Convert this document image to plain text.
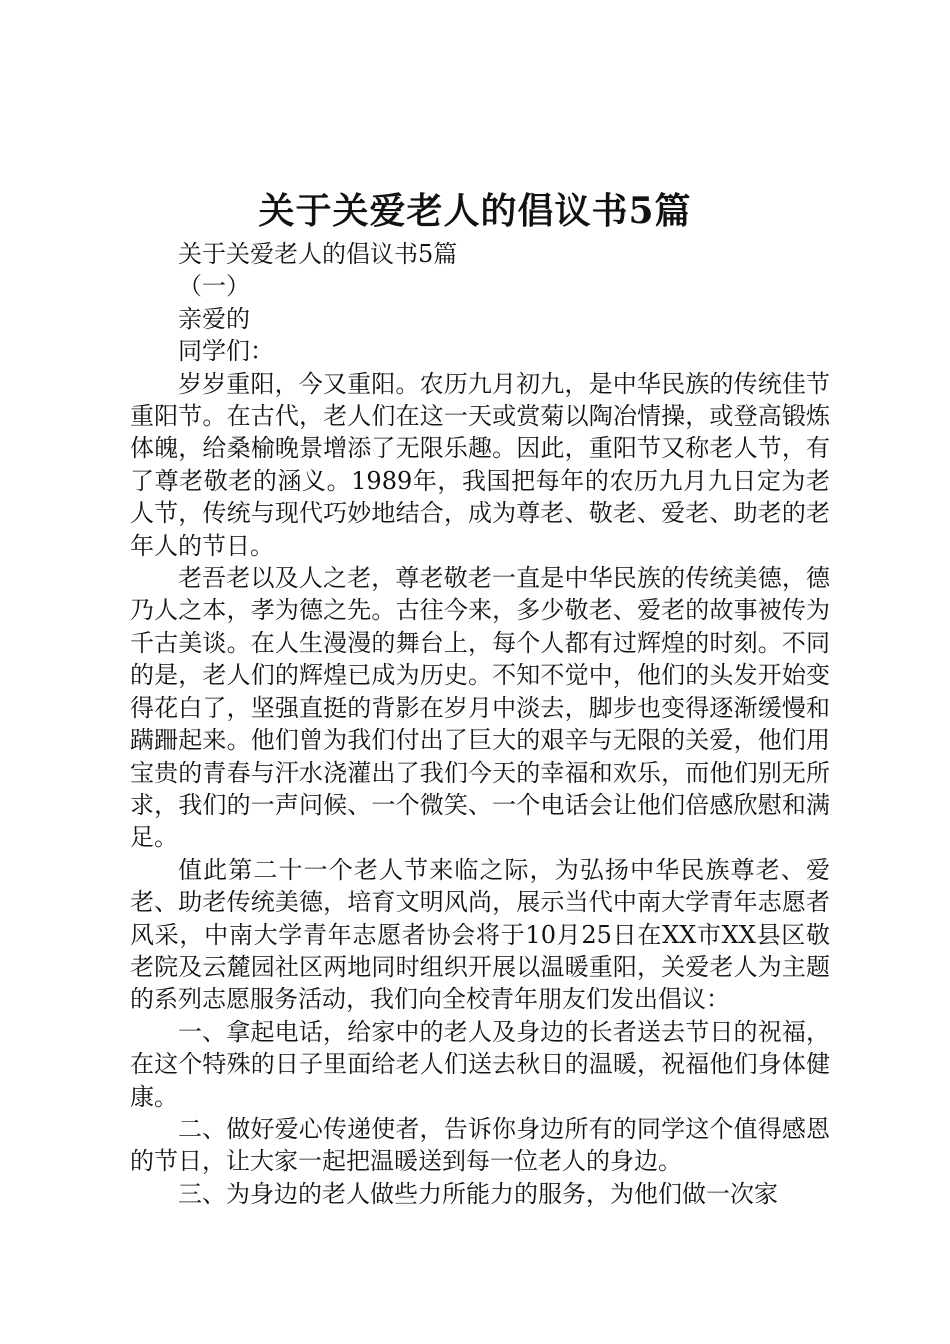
关于关爱老人的倡议书5篇

关于关爱老人的倡议书5篇

（一）

亲爱的

同学们：

岁岁重阳，今又重阳。农历九月初九，是中华民族的传统佳节重阳节。在古代，老人们在这一天或赏菊以陶冶情操，或登高锻炼体魄，给桑榆晚景增添了无限乐趣。因此，重阳节又称老人节，有了尊老敬老的涵义。1989年，我国把每年的农历九月九日定为老人节，传统与现代巧妙地结合，成为尊老、敬老、爱老、助老的老年人的节日。

老吾老以及人之老，尊老敬老一直是中华民族的传统美德，德乃人之本，孝为德之先。古往今来，多少敬老、爱老的故事被传为千古美谈。在人生漫漫的舞台上，每个人都有过辉煌的时刻。不同的是，老人们的辉煌已成为历史。不知不觉中，他们的头发开始变得花白了，坚强直挺的背影在岁月中淡去，脚步也变得逐渐缓慢和蹒跚起来。他们曾为我们付出了巨大的艰辛与无限的关爱，他们用宝贵的青春与汗水浇灌出了我们今天的幸福和欢乐，而他们别无所求，我们的一声问候、一个微笑、一个电话会让他们倍感欣慰和满足。

值此第二十一个老人节来临之际，为弘扬中华民族尊老、爱老、助老传统美德，培育文明风尚，展示当代中南大学青年志愿者风采，中南大学青年志愿者协会将于10月25日在XX市XX县区敬老院及云麓园社区两地同时组织开展以温暖重阳，关爱老人为主题的系列志愿服务活动，我们向全校青年朋友们发出倡议：

一、拿起电话，给家中的老人及身边的长者送去节日的祝福，在这个特殊的日子里面给老人们送去秋日的温暖，祝福他们身体健康。

二、做好爱心传递使者，告诉你身边所有的同学这个值得感恩的节日，让大家一起把温暖送到每一位老人的身边。

三、为身边的老人做些力所能力的服务，为他们做一次家
